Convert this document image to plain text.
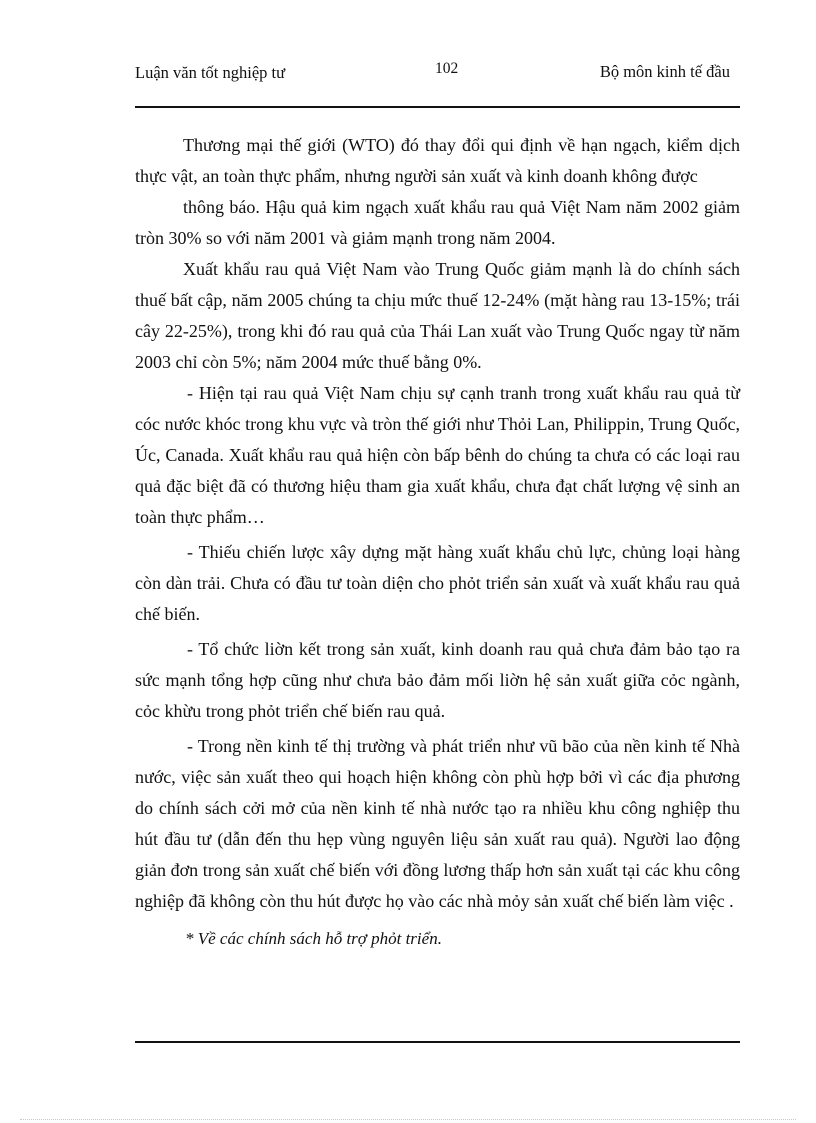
Luận văn tốt nghiệp tư	102	Bộ môn kinh tế đầu

Thương mại thế giới (WTO) đó thay đổi qui định về hạn ngạch, kiểm dịch thực vật, an toàn thực phẩm, nhưng người sản xuất và kinh doanh không được

thông báo. Hậu quả kim ngạch xuất khẩu rau quả Việt Nam năm 2002 giảm tròn 30% so với năm 2001 và giảm mạnh trong năm 2004.

Xuất khẩu rau quả Việt Nam vào Trung Quốc giảm mạnh là do chính sách thuế bất cập, năm 2005 chúng ta chịu mức thuế 12-24% (mặt hàng rau 13-15%; trái cây 22-25%), trong khi đó rau quả của Thái Lan xuất vào Trung Quốc ngay từ năm 2003 chỉ còn 5%; năm 2004 mức thuế bằng 0%.

- Hiện tại rau quả Việt Nam chịu sự cạnh tranh trong xuất khẩu rau quả từ cóc nước khóc trong khu vực và tròn thế giới như Thỏi Lan, Philippin, Trung Quốc, Úc, Canada. Xuất khẩu rau quả hiện còn bấp bênh do chúng ta chưa có các loại rau quả đặc biệt đã có thương hiệu tham gia xuất khẩu, chưa đạt chất lượng vệ sinh an toàn thực phẩm…

- Thiếu chiến lược xây dựng mặt hàng xuất khẩu chủ lực, chủng loại hàng còn dàn trải. Chưa có đầu tư toàn diện cho phỏt triển sản xuất và xuất khẩu rau quả chế biến.

- Tổ chức liờn kết trong sản xuất, kinh doanh rau quả chưa đảm bảo tạo ra sức mạnh tổng hợp cũng như chưa bảo đảm mối liờn hệ sản xuất giữa cỏc ngành, cỏc khừu trong phỏt triển chế biến rau quả.

- Trong nền kinh tế thị trường và phát triển như vũ bão của nền kinh tế Nhà nước, việc sản xuất theo qui hoạch hiện không còn phù hợp bởi vì các địa phương do chính sách cởi mở của nền kinh tế nhà nước tạo ra nhiều khu công nghiệp thu hút đầu tư (dẫn đến thu hẹp vùng nguyên liệu sản xuất rau quả). Người lao động giản đơn trong sản xuất chế biến với đồng lương thấp hơn sản xuất tại các khu công nghiệp đã không còn thu hút được họ vào các nhà mỏy sản xuất chế biến làm việc .

* Về các chính sách hỗ trợ phỏt triển.
